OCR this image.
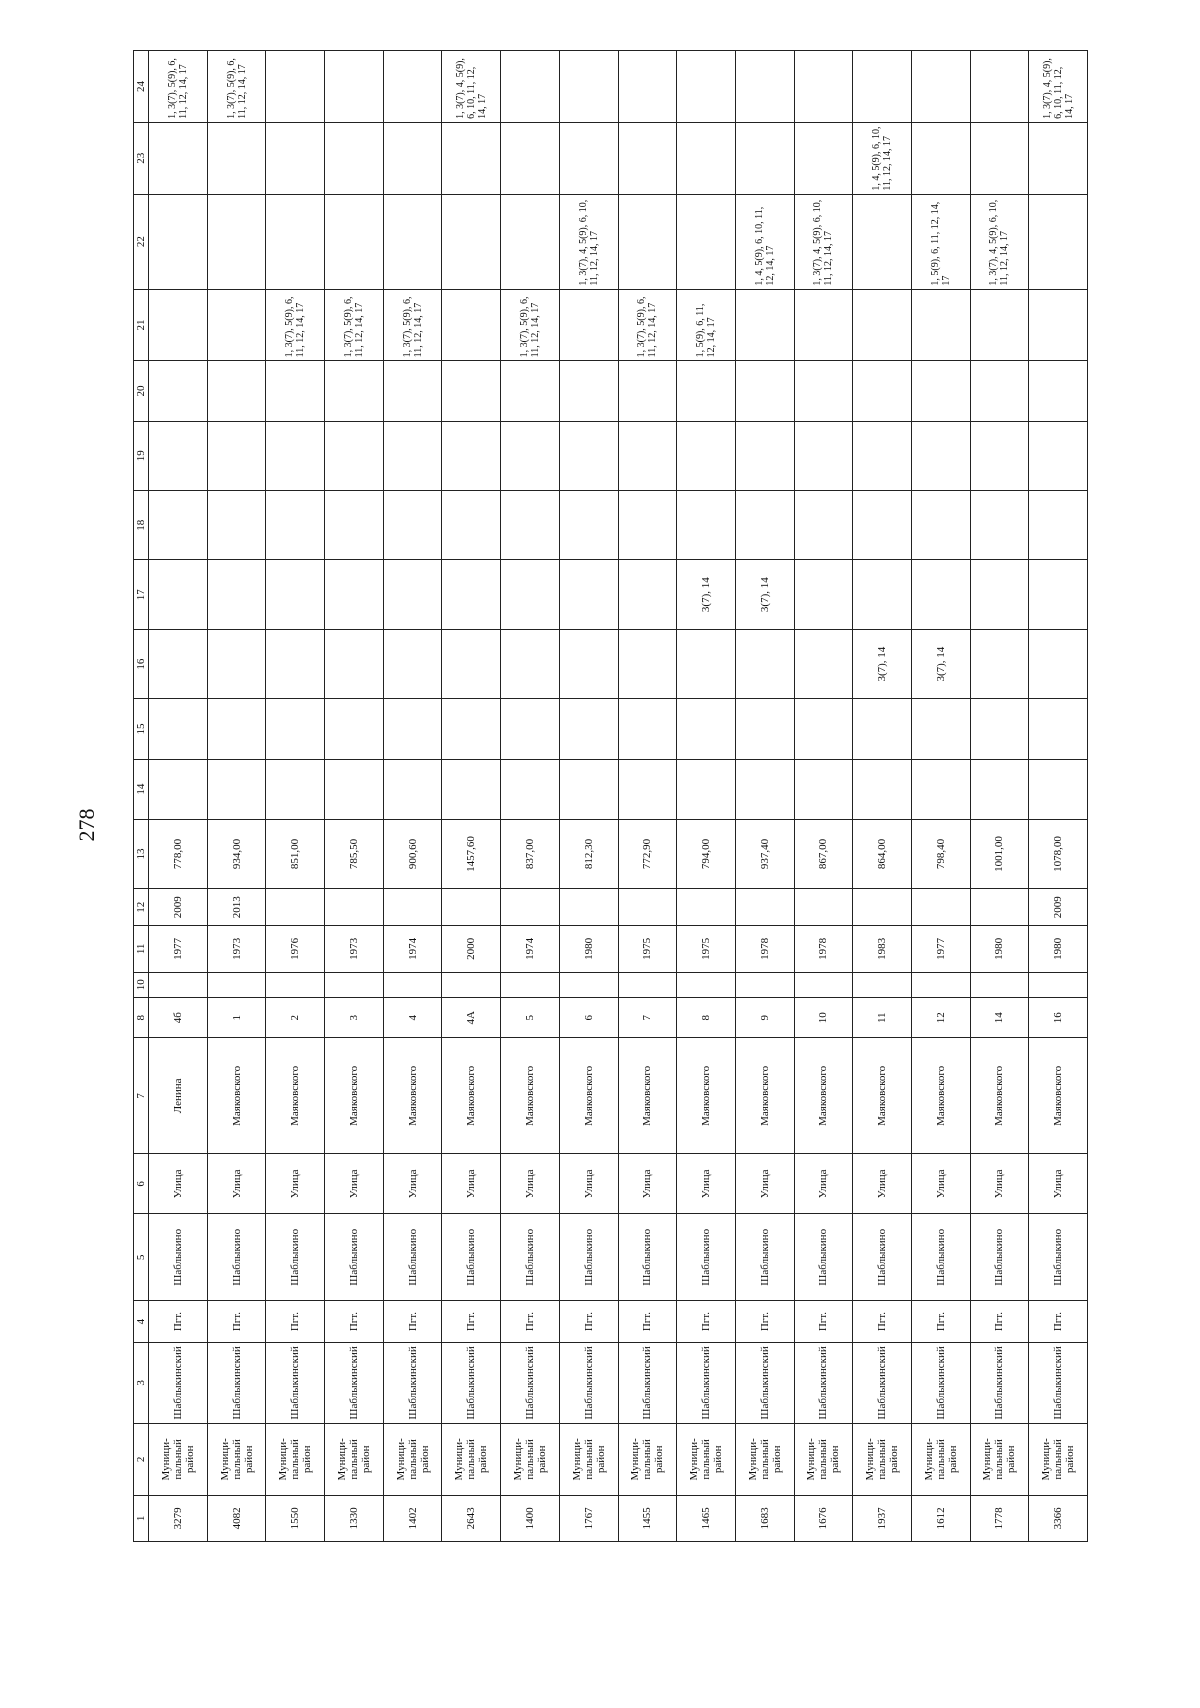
278
1	2	3	4	5	6	7	8	10	11	12	13	14	15	16	17	18	19	20	21	22	23	24
3279	Муници-пальный район	Шаблыкинский	Пгт.	Шаблыкино	Улица	Ленина	4б		1977	2009	778,00											1, 3(7), 5(9), 6, 11, 12, 14, 17
4082	Муници-пальный район	Шаблыкинский	Пгт.	Шаблыкино	Улица	Маяковского	1		1973	2013	934,00											1, 3(7), 5(9), 6, 11, 12, 14, 17
1550	Муници-пальный район	Шаблыкинский	Пгт.	Шаблыкино	Улица	Маяковского	2		1976		851,00								1, 3(7), 5(9), 6, 11, 12, 14, 17			
1330	Муници-пальный район	Шаблыкинский	Пгт.	Шаблыкино	Улица	Маяковского	3		1973		785,50								1, 3(7), 5(9), 6, 11, 12, 14, 17			
1402	Муници-пальный район	Шаблыкинский	Пгт.	Шаблыкино	Улица	Маяковского	4		1974		900,60								1, 3(7), 5(9), 6, 11, 12, 14, 17			
2643	Муници-пальный район	Шаблыкинский	Пгт.	Шаблыкино	Улица	Маяковского	4А		2000		1457,60											1, 3(7), 4, 5(9), 6, 10, 11, 12, 14, 17
1400	Муници-пальный район	Шаблыкинский	Пгт.	Шаблыкино	Улица	Маяковского	5		1974		837,00								1, 3(7), 5(9), 6, 11, 12, 14, 17			
1767	Муници-пальный район	Шаблыкинский	Пгт.	Шаблыкино	Улица	Маяковского	6		1980		812,30									1, 3(7), 4, 5(9), 6, 10, 11, 12, 14, 17		
1455	Муници-пальный район	Шаблыкинский	Пгт.	Шаблыкино	Улица	Маяковского	7		1975		772,90								1, 3(7), 5(9), 6, 11, 12, 14, 17			
1465	Муници-пальный район	Шаблыкинский	Пгт.	Шаблыкино	Улица	Маяковского	8		1975		794,00				3(7), 14				1, 5(9), 6, 11, 12, 14, 17			
1683	Муници-пальный район	Шаблыкинский	Пгт.	Шаблыкино	Улица	Маяковского	9		1978		937,40				3(7), 14					1, 4, 5(9), 6, 10, 11, 12, 14, 17		
1676	Муници-пальный район	Шаблыкинский	Пгт.	Шаблыкино	Улица	Маяковского	10		1978		867,00									1, 3(7), 4, 5(9), 6, 10, 11, 12, 14, 17		
1937	Муници-пальный район	Шаблыкинский	Пгт.	Шаблыкино	Улица	Маяковского	11		1983		864,00			3(7), 14							1, 4, 5(9), 6, 10, 11, 12, 14, 17	
1612	Муници-пальный район	Шаблыкинский	Пгт.	Шаблыкино	Улица	Маяковского	12		1977		798,40			3(7), 14						1, 5(9), 6, 11, 12, 14, 17		
1778	Муници-пальный район	Шаблыкинский	Пгт.	Шаблыкино	Улица	Маяковского	14		1980		1001,00									1, 3(7), 4, 5(9), 6, 10, 11, 12, 14, 17		
3366	Муници-пальный район	Шаблыкинский	Пгт.	Шаблыкино	Улица	Маяковского	16		1980	2009	1078,00											1, 3(7), 4, 5(9), 6, 10, 11, 12, 14, 17
